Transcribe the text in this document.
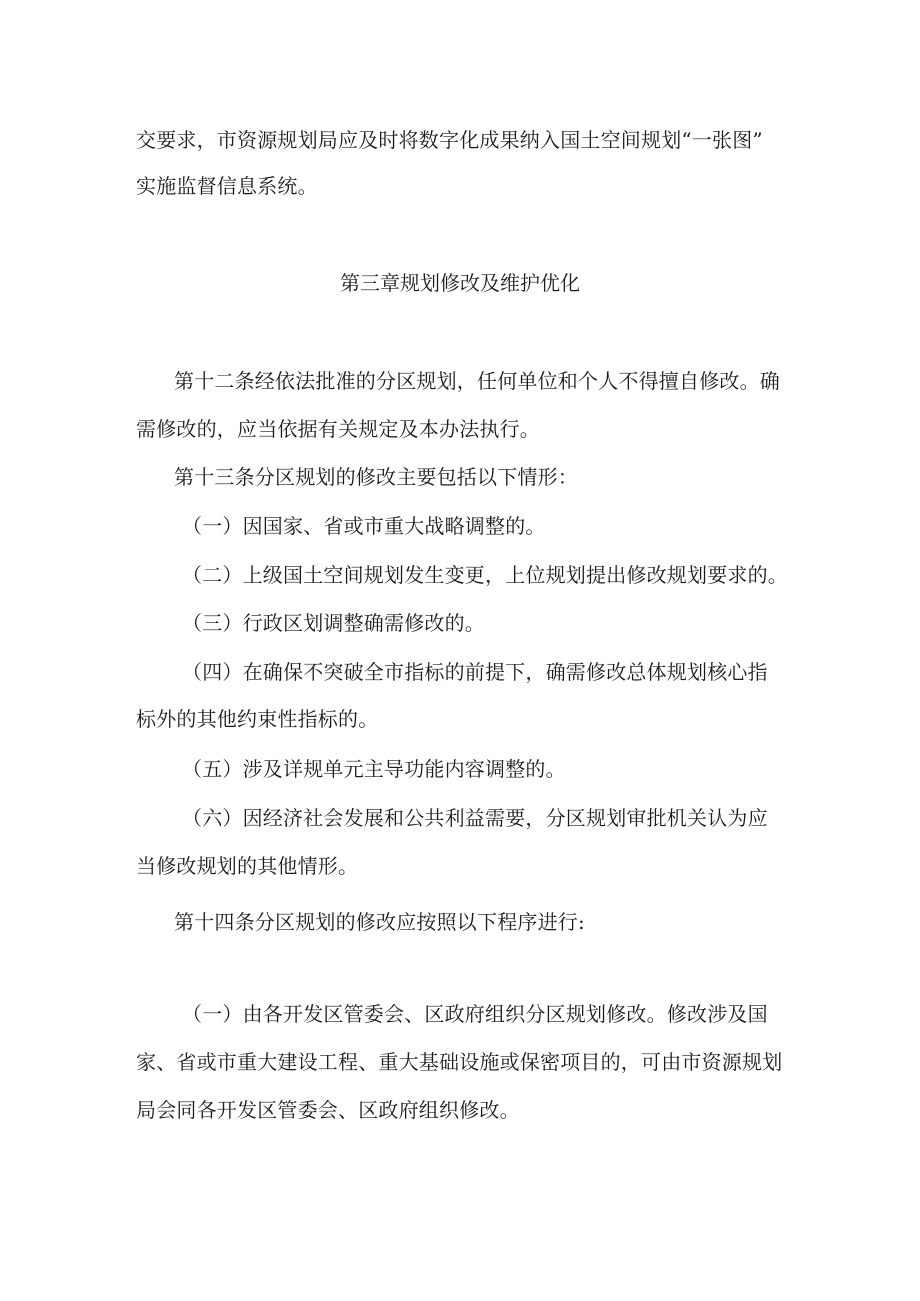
交要求，市资源规划局应及时将数字化成果纳入国土空间规划“一张图”
实施监督信息系统。
第三章规划修改及维护优化
第十二条经依法批准的分区规划，任何单位和个人不得擅自修改。确
需修改的，应当依据有关规定及本办法执行。
第十三条分区规划的修改主要包括以下情形：
（一）因国家、省或市重大战略调整的。
（二）上级国土空间规划发生变更，上位规划提出修改规划要求的。
（三）行政区划调整确需修改的。
（四）在确保不突破全市指标的前提下，确需修改总体规划核心指
标外的其他约束性指标的。
（五）涉及详规单元主导功能内容调整的。
（六）因经济社会发展和公共利益需要，分区规划审批机关认为应
当修改规划的其他情形。
第十四条分区规划的修改应按照以下程序进行:
（一）由各开发区管委会、区政府组织分区规划修改。修改涉及国
家、省或市重大建设工程、重大基础设施或保密项目的，可由市资源规划
局会同各开发区管委会、区政府组织修改。
